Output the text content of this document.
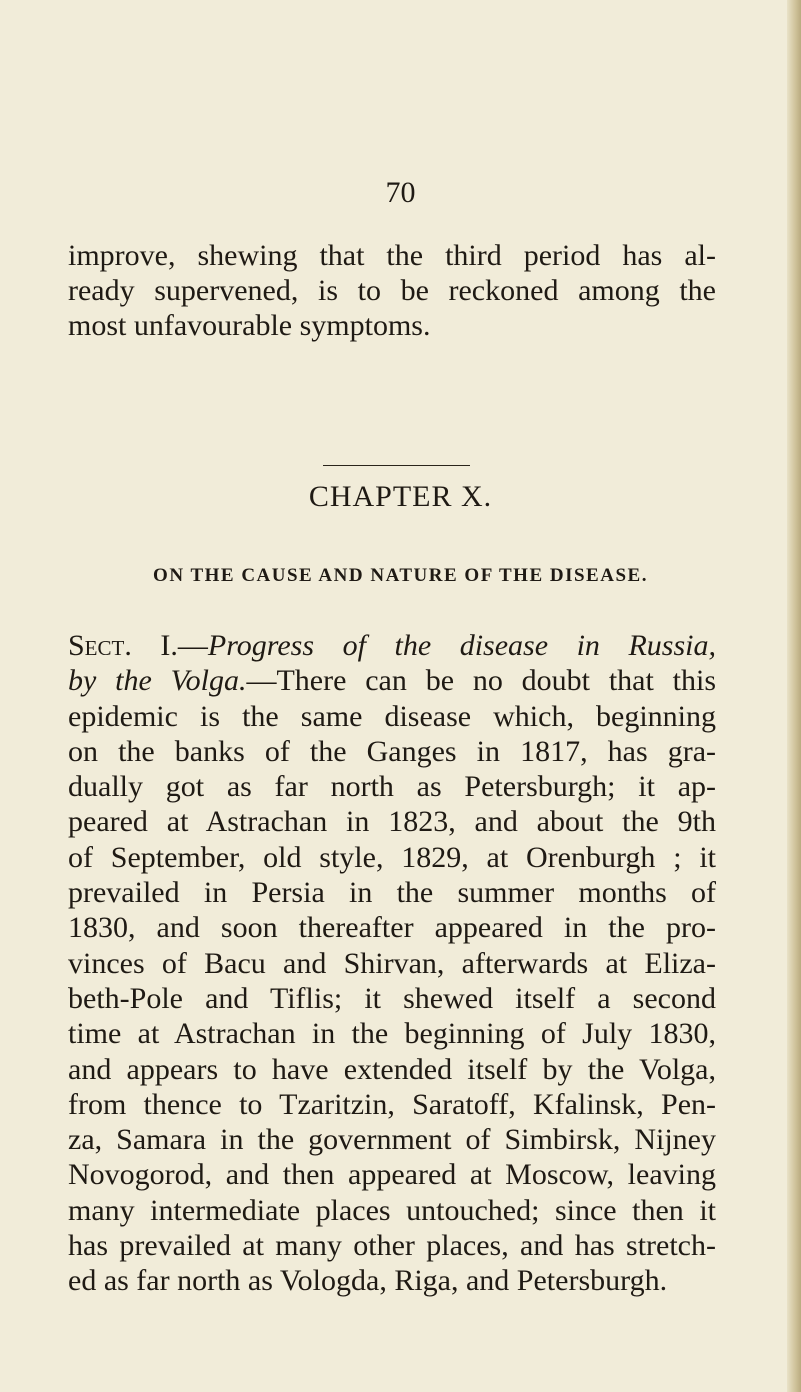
70
improve, shewing that the third period has al-
ready supervened, is to be reckoned among the
most unfavourable symptoms.
CHAPTER X.
ON THE CAUSE AND NATURE OF THE DISEASE.
Sect. I.—Progress of the disease in Russia,
by the Volga.—There can be no doubt that this
epidemic is the same disease which, beginning
on the banks of the Ganges in 1817, has gra-
dually got as far north as Petersburgh; it ap-
peared at Astrachan in 1823, and about the 9th
of September, old style, 1829, at Orenburgh ; it
prevailed in Persia in the summer months of
1830, and soon thereafter appeared in the pro-
vinces of Bacu and Shirvan, afterwards at Eliza-
beth-Pole and Tiflis; it shewed itself a second
time at Astrachan in the beginning of July 1830,
and appears to have extended itself by the Volga,
from thence to Tzaritzin, Saratoff, Kfalinsk, Pen-
za, Samara in the government of Simbirsk, Nijney
Novogorod, and then appeared at Moscow, leaving
many intermediate places untouched; since then it
has prevailed at many other places, and has stretch-
ed as far north as Vologda, Riga, and Petersburgh.
